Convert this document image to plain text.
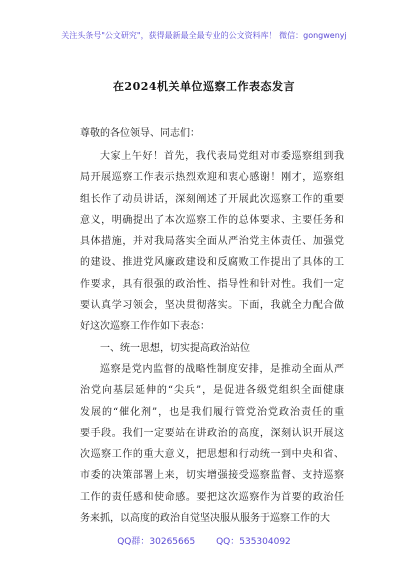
关注头条号"公文研究"，获得最新最全最专业的公文资料库！ 微信：gongwenyj
在2024机关单位巡察工作表态发言
尊敬的各位领导、同志们：

大家上午好！首先，我代表局党组对市委巡察组到我
局开展巡察工作表示热烈欢迎和衷心感谢！刚才，巡察组
组长作了动员讲话，深刻阐述了开展此次巡察工作的重要
意义，明确提出了本次巡察工作的总体要求、主要任务和
具体措施，并对我局落实全面从严治党主体责任、加强党
的建设、推进党风廉政建设和反腐败工作提出了具体的工
作要求，具有很强的政治性、指导性和针对性。我们一定
要认真学习领会，坚决贯彻落实。下面，我就全力配合做
好这次巡察工作作如下表态：

一、统一思想，切实提高政治站位

巡察是党内监督的战略性制度安排，是推动全面从严
治党向基层延伸的“尖兵”，是促进各级党组织全面健康
发展的“催化剂”，也是我们履行管党治党政治责任的重
要手段。我们一定要站在讲政治的高度，深刻认识开展这
次巡察工作的重大意义，把思想和行动统一到中央和省、
市委的决策部署上来，切实增强接受巡察监督、支持巡察
工作的责任感和使命感。要把这次巡察作为首要的政治任
务来抓，以高度的政治自觉坚决服从服务于巡察工作的大

QQ群：30265665 QQ：535304092
